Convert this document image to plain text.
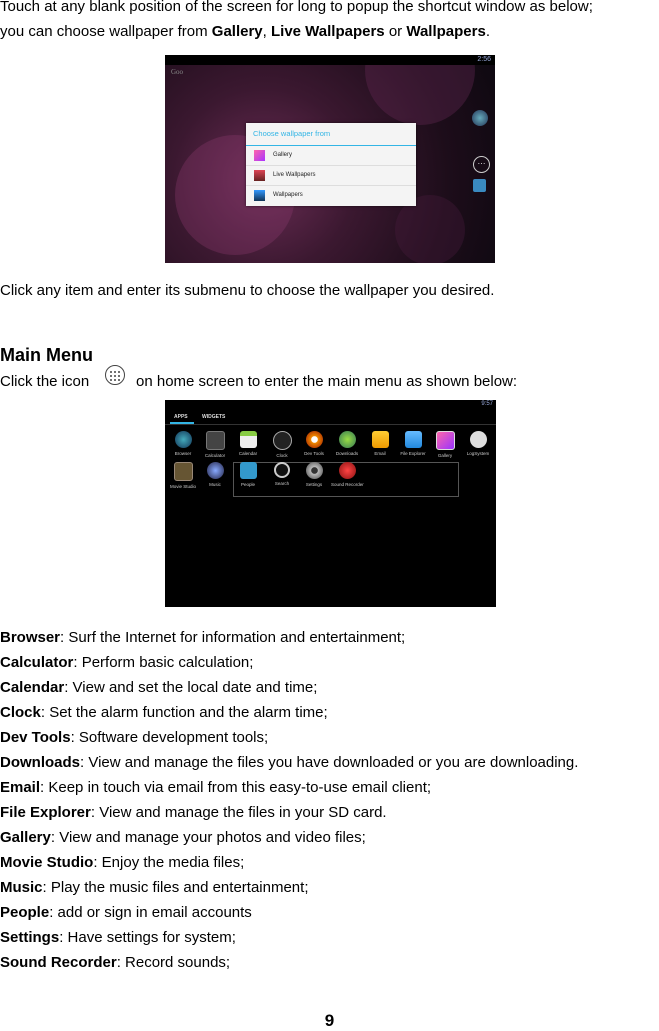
Touch at any blank position of the screen for long to popup the shortcut window as below;
you can choose wallpaper from Gallery, Live Wallpapers or Wallpapers.
2:56
Goo
Choose wallpaper from
Gallery
Live Wallpapers
Wallpapers
⋯
Click any item and enter its submenu to choose the wallpaper you desired.
Main Menu
Click the icon	on home screen to enter the main menu as shown below:
9:57
APPS	WIDGETS
Browser	Calculator	Calendar	Clock	Dev Tools	Downloads	Email	File Explorer	Gallery	LogSystem
Movie Studio	Music	People	Search	Settings	Sound Recorder
Browser: Surf the Internet for information and entertainment;
Calculator: Perform basic calculation;
Calendar: View and set the local date and time;
Clock: Set the alarm function and the alarm time;
Dev Tools: Software development tools;
Downloads: View and manage the files you have downloaded or you are downloading.
Email: Keep in touch via email from this easy-to-use email client;
File Explorer: View and manage the files in your SD card.
Gallery: View and manage your photos and video files;
Movie Studio: Enjoy the media files;
Music: Play the music files and entertainment;
People: add or sign in email accounts
Settings: Have settings for system;
Sound Recorder: Record sounds;
9
